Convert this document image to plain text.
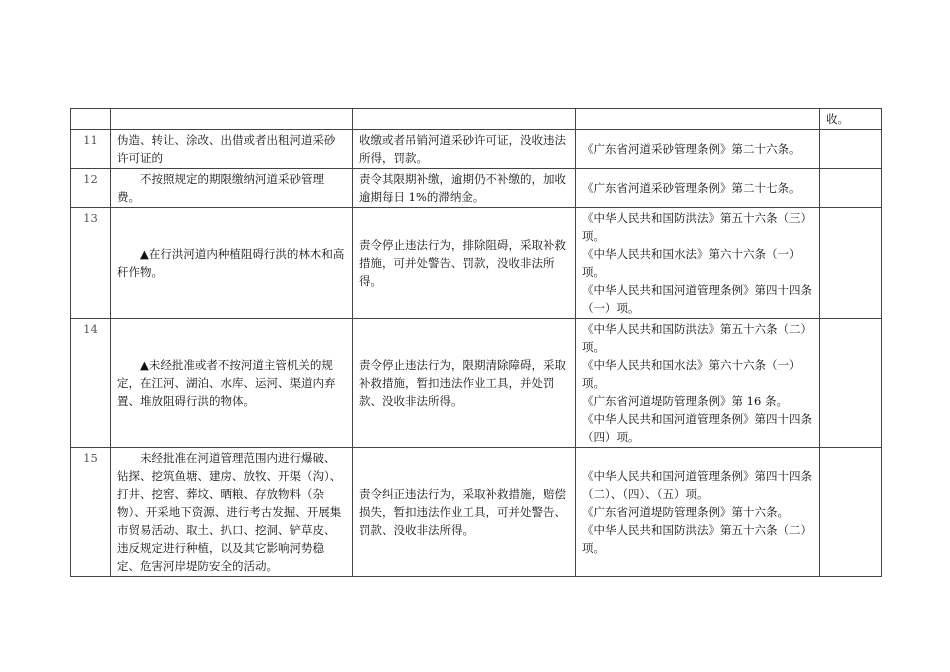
				收。
11	伪造、转让、涂改、出借或者出租河道采砂许可证的	收缴或者吊销河道采砂许可证，没收违法所得，罚款。	《广东省河道采砂管理条例》第二十六条。	

12	不按照规定的期限缴纳河道采砂管理费。	责令其限期补缴，逾期仍不补缴的，加收逾期每日 1%的滞纳金。	《广东省河道采砂管理条例》第二十七条。	

13	▲在行洪河道内种植阻碍行洪的林木和高秆作物。	责令停止违法行为，排除阻碍，采取补救措施，可并处警告、罚款，没收非法所得。	《中华人民共和国防洪法》第五十六条（三）项。
《中华人民共和国水法》第六十六条（一）项。
《中华人民共和国河道管理条例》第四十四条（一）项。	

14	▲未经批准或者不按河道主管机关的规定，在江河、湖泊、水库、运河、渠道内弃置、堆放阻碍行洪的物体。	责令停止违法行为，限期清除障碍，采取补救措施，暂扣违法作业工具，并处罚款、没收非法所得。	《中华人民共和国防洪法》第五十六条（二）项。
《中华人民共和国水法》第六十六条（一）项。
《广东省河道堤防管理条例》第 16 条。
《中华人民共和国河道管理条例》第四十四条（四）项。	

15	未经批准在河道管理范围内进行爆破、钻探、挖筑鱼塘、建房、放牧、开渠（沟）、打井、挖窖、葬坟、晒粮、存放物料（杂物）、开采地下资源、进行考古发掘、开展集市贸易活动、取土、扒口、挖洞、铲草皮、违反规定进行种植，以及其它影响河势稳定、危害河岸堤防安全的活动。	责令纠正违法行为，采取补救措施，赔偿损失，暂扣违法作业工具，可并处警告、罚款、没收非法所得。	《中华人民共和国河道管理条例》第四十四条（二）、（四）、（五）项。
《广东省河道堤防管理条例》第十六条。
《中华人民共和国防洪法》第五十六条（二）项。	
